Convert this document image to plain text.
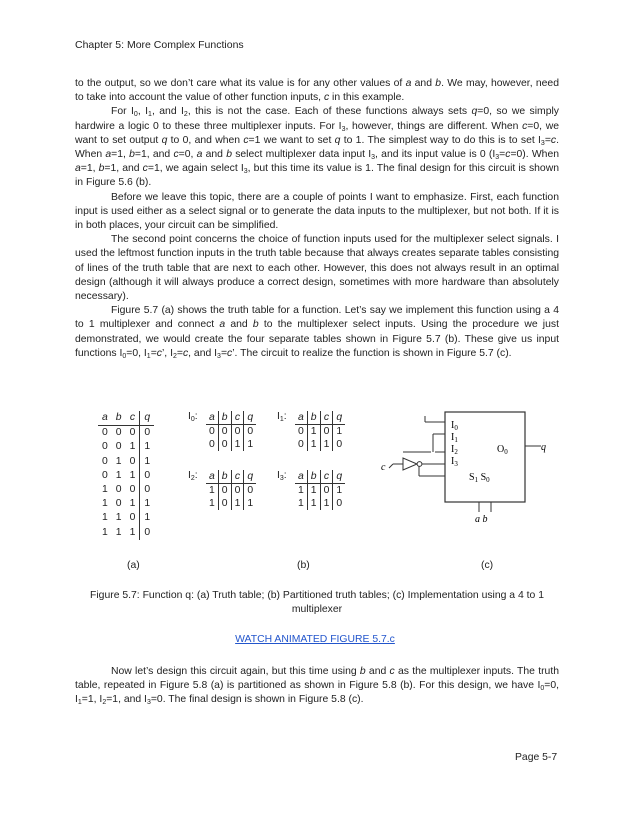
Chapter 5: More Complex Functions

to the output, so we don’t care what its value is for any other values of a and b. We may, however, need to take into account the value of other function inputs, c in this example.

For $I_0$, $I_1$, and $I_2$, this is not the case. Each of these functions always sets q=0, so we simply hardwire a logic 0 to these three multiplexer inputs. For $I_3$, however, things are different. When c=0, we want to set output q to 0, and when c=1 we want to set q to 1. The simplest way to do this is to set $I_3=c$. When a=1, b=1, and c=0, a and b select multiplexer data input $I_3$, and its input value is 0 $(I_3=c=0)$. When a=1, b=1, and c=1, we again select $I_3$, but this time its value is 1. The final design for this circuit is shown in Figure 5.6 (b).

Before we leave this topic, there are a couple of points I want to emphasize. First, each function input is used either as a select signal or to generate the data inputs to the multiplexer, but not both. If it is in both places, your circuit can be simplified.

The second point concerns the choice of function inputs used for the multiplexer select signals. I used the leftmost function inputs in the truth table because that always creates separate tables consisting of lines of the truth table that are next to each other. However, this does not always result in an optimal design (although it will always produce a correct design, sometimes with more hardware than absolutely necessary).

Figure 5.7 (a) shows the truth table for a function. Let’s say we implement this function using a 4 to 1 multiplexer and connect a and b to the multiplexer select inputs. Using the procedure we just demonstrated, we would create the four separate tables shown in Figure 5.7 (b). These give us input functions $I_0=0$, $I_1=c$’, $I_2=c$, and $I_3=c$’. The circuit to realize the function is shown in Figure 5.7 (c).

a	b	c	q
0	0	0	0
0	0	1	1
0	1	0	1
0	1	1	0
1	0	0	0
1	0	1	1
1	1	0	1
1	1	1	0
$I_0$: a	b	c	q
0	0	0	0
0	0	1	1
$I_1$: a	b	c	q
0	1	0	1
0	1	1	0
$I_2$: a	b	c	q
1	0	0	0
1	0	1	1
$I_3$: a	b	c	q
1	1	0	1
1	1	1	0
$I_0$
$I_1$
$I_2$
$I_3$
$O_0$
$S_1$ $S_0$
q
c
a b
(a)	(b)	(c)
Figure 5.7: Function q: (a) Truth table; (b) Partitioned truth tables; (c) Implementation using a 4 to 1 multiplexer
WATCH ANIMATED FIGURE 5.7.c

Now let’s design this circuit again, but this time using b and c as the multiplexer inputs. The truth table, repeated in Figure 5.8 (a) is partitioned as shown in Figure 5.8 (b). For this design, we have $I_0=0$, $I_1=1$, $I_2=1$, and $I_3=0$. The final design is shown in Figure 5.8 (c).

Page 5-7
